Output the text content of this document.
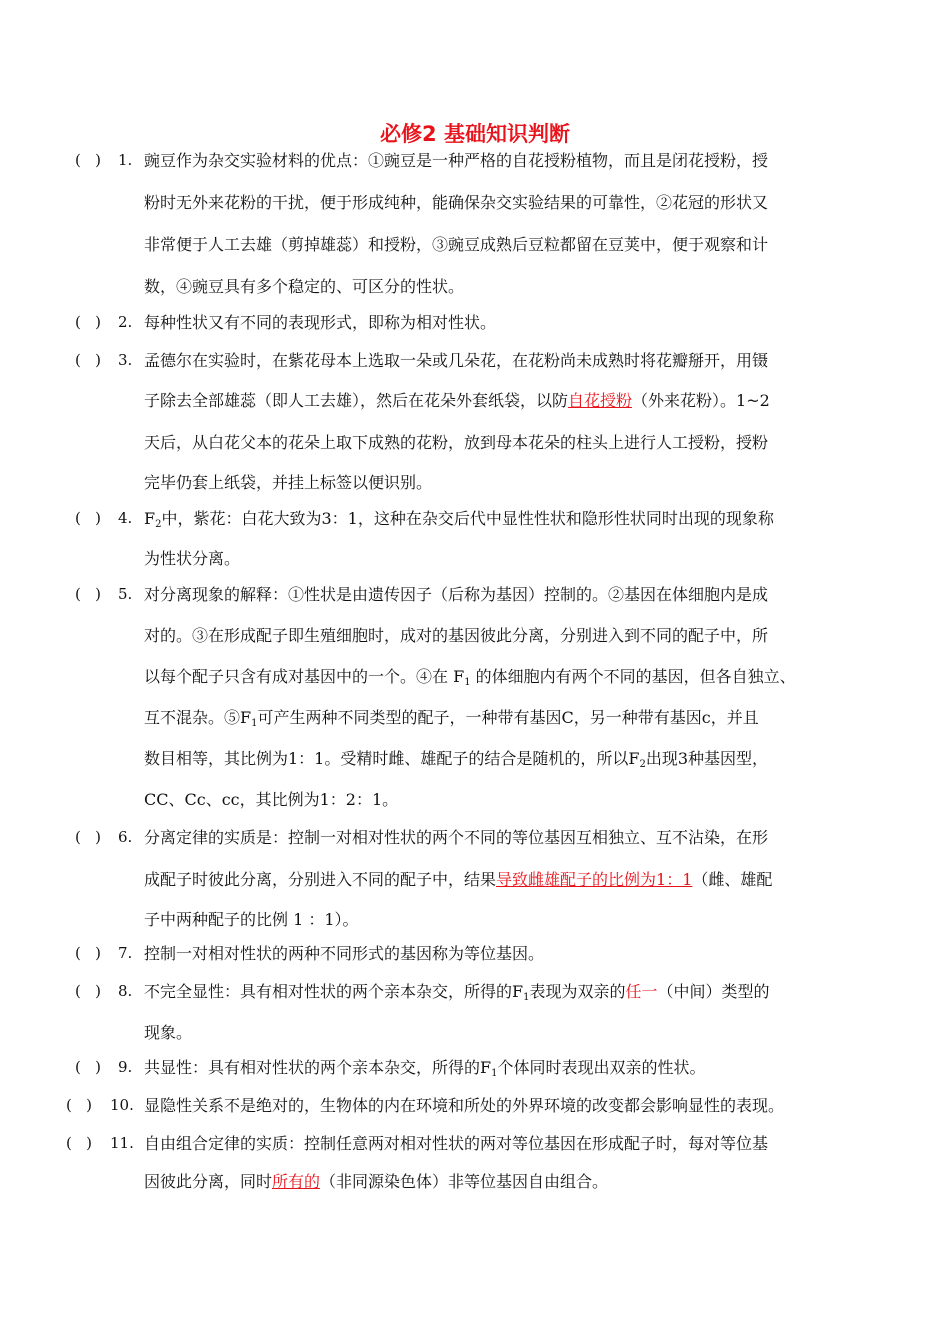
必修2 基础知识判断
(   ) 1. 豌豆作为杂交实验材料的优点：①豌豆是一种严格的自花授粉植物，而且是闭花授粉，授
粉时无外来花粉的干扰，便于形成纯种，能确保杂交实验结果的可靠性，②花冠的形状又
非常便于人工去雄（剪掉雄蕊）和授粉，③豌豆成熟后豆粒都留在豆荚中，便于观察和计
数，④豌豆具有多个稳定的、可区分的性状。
(   ) 2. 每种性状又有不同的表现形式，即称为相对性状。
(   ) 3. 孟德尔在实验时，在紫花母本上选取一朵或几朵花，在花粉尚未成熟时将花瓣掰开，用镊
子除去全部雄蕊（即人工去雄），然后在花朵外套纸袋，以防自花授粉（外来花粉）。1~2
天后，从白花父本的花朵上取下成熟的花粉，放到母本花朵的柱头上进行人工授粉，授粉
完毕仍套上纸袋，并挂上标签以便识别。
(   ) 4. $F_2$中，紫花：白花大致为3：1，这种在杂交后代中显性性状和隐形性状同时出现的现象称
为性状分离。
(   ) 5. 对分离现象的解释：①性状是由遗传因子（后称为基因）控制的。②基因在体细胞内是成
对的。③在形成配子即生殖细胞时，成对的基因彼此分离，分别进入到不同的配子中，所
以每个配子只含有成对基因中的一个。④在 $F_1$ 的体细胞内有两个不同的基因，但各自独立、
互不混杂。$⑤F_1$可产生两种不同类型的配子，一种带有基因C，另一种带有基因c，并且
数目相等，其比例为1：1。受精时雌、雄配子的结合是随机的，所以$F_2$出现3种基因型，
CC、Cc、cc，其比例为1：2：1。
(   ) 6. 分离定律的实质是：控制一对相对性状的两个不同的等位基因互相独立、互不沾染，在形
成配子时彼此分离，分别进入不同的配子中，结果导致雌雄配子的比例为1：1（雌、雄配
子中两种配子的比例 1 ：1）。
(   ) 7. 控制一对相对性状的两种不同形式的基因称为等位基因。
(   ) 8. 不完全显性：具有相对性状的两个亲本杂交，所得的$F_1$表现为双亲的任一（中间）类型的
现象。
(   ) 9. 共显性：具有相对性状的两个亲本杂交，所得的$F_1$个体同时表现出双亲的性状。
(   ) 10. 显隐性关系不是绝对的，生物体的内在环境和所处的外界环境的改变都会影响显性的表现。
(   ) 11. 自由组合定律的实质：控制任意两对相对性状的两对等位基因在形成配子时，每对等位基
因彼此分离，同时所有的（非同源染色体）非等位基因自由组合。
